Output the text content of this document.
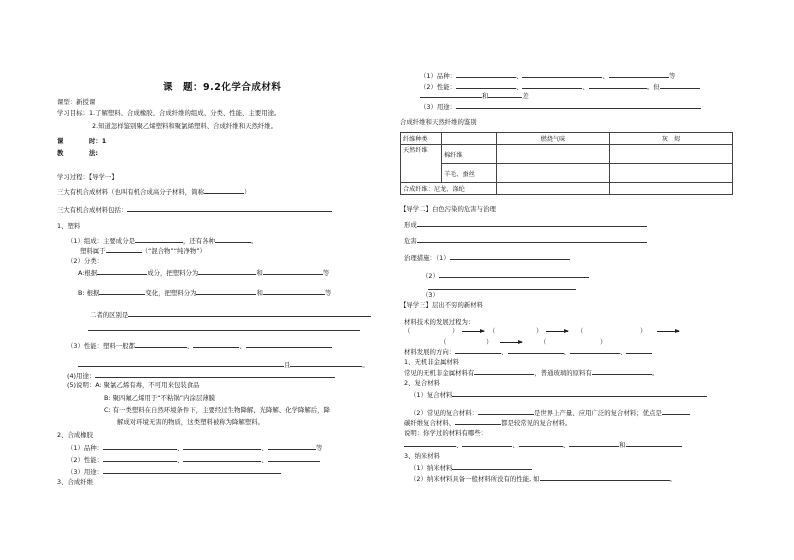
课　题：9.2化学合成材料
课型：新授课
学习目标：1.了解塑料、合成橡胶、合成纤维的组成、分类、性能、主要用途。
2.知道怎样鉴别聚乙烯塑料和聚氯烯塑料、合成纤维和天然纤维。
课　　　　时：1
教　　　　法:
学习过程：【导学一】
三大有机合成材料（也叫有机合成高分子材料，简称	）
三大有机合成材料包括：
1、塑料
（1）组成：主要成分是	，还有各种	。
塑料属于	（“混合物”“纯净物”）
（2）分类：
A:根据	成分，把塑料分为	和	等
B: 根据	变化，把塑料分为	和	等
二者的区别是
（3）性能：塑料一般都	、	、
且	。
(4)用途：
(5)说明：A: 聚氯乙烯有毒，不可用来包装食品
B: 聚四氟乙烯用于“不粘锅”内涂层薄膜
C: 有一类塑料在自然环境条件下，主要经过生物降解、光降解、化学降解后，降
解成对环境无害的物质，这类塑料被称为降解塑料。
2、合成橡胶
（1）品种：	、	、	等
（2）性能：	、	、
（3）用途：
3、合成纤维
（1）品种：	、	、	等
（2）性能：	、	、	。但
和	差
（3）用途：
合成纤维和天然纤维的鉴别
纤维种类		燃烧气味	灰　烬
天然纤维	棉纤维		
	羊毛、蚕丝		
合成纤维：尼龙、涤纶			
【导学二】白色污染的危害与治理
形成
危害
治理措施：（1）
（2）
（3）
【导学三】层出不穷的新材料
材料技术的发展过程为：
（	）	（	）	（	）
（	）	（	）
材料发展的方向：	、	、	、
1、无机非金属材料
常见的无机非金属材料有	，普通玻璃的原料有	。
2、复合材料
（1）复合材料
（2）常见的复合材料：	是世界上产量、应用广泛的复合材料；优点是
碳纤维复合材料、	都是较常见的复合材料。
说明：你学过的材料有哪些：
、	、	、	和
3、纳米材料
（1）纳米材料
（2）纳米材料具备一般材料所没有的性能, 如	。
